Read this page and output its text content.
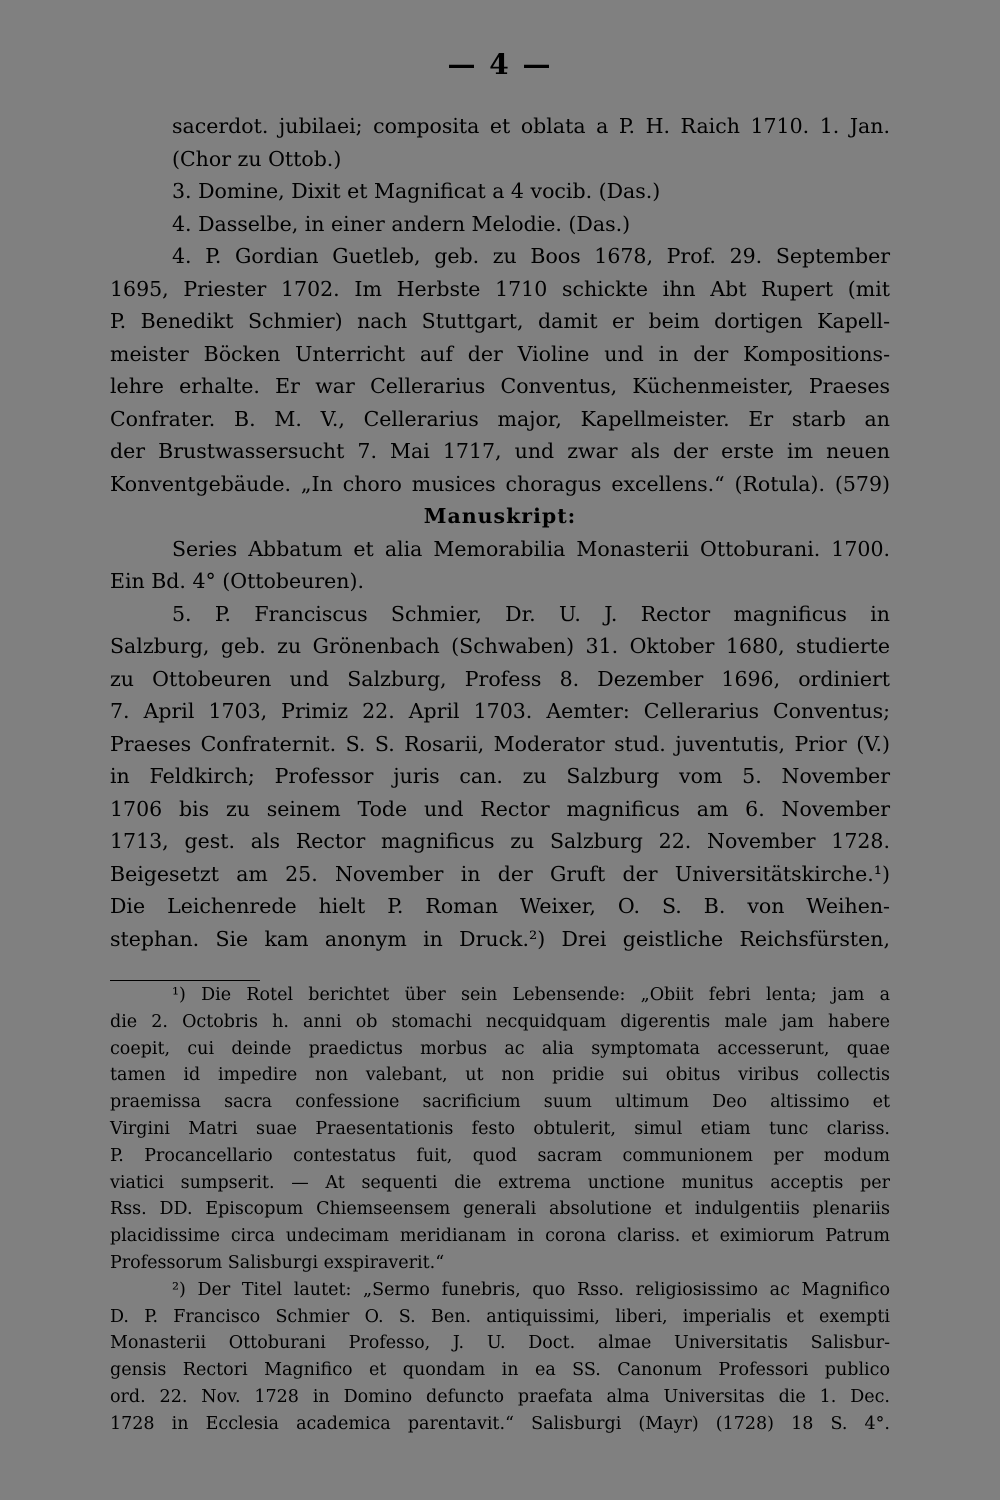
— 4 —
sacerdot. jubilaei; composita et oblata a P. H. Raich 1710. 1. Jan.
(Chor zu Ottob.)
3. Domine, Dixit et Magnificat a 4 vocib. (Das.)
4. Dasselbe, in einer andern Melodie. (Das.)
4. P. Gordian Guetleb, geb. zu Boos 1678, Prof. 29. September
1695, Priester 1702. Im Herbste 1710 schickte ihn Abt Rupert (mit
P. Benedikt Schmier) nach Stuttgart, damit er beim dortigen Kapell-
meister Böcken Unterricht auf der Violine und in der Kompositions-
lehre erhalte. Er war Cellerarius Conventus, Küchenmeister, Praeses
Confrater. B. M. V., Cellerarius major, Kapellmeister. Er starb an
der Brustwassersucht 7. Mai 1717, und zwar als der erste im neuen
Konventgebäude. „In choro musices choragus excellens.“ (Rotula). (579)
Manuskript:
Series Abbatum et alia Memorabilia Monasterii Ottoburani. 1700.
Ein Bd. 4° (Ottobeuren).
5. P. Franciscus Schmier, Dr. U. J. Rector magnificus in
Salzburg, geb. zu Grönenbach (Schwaben) 31. Oktober 1680, studierte
zu Ottobeuren und Salzburg, Profess 8. Dezember 1696, ordiniert
7. April 1703, Primiz 22. April 1703. Aemter: Cellerarius Conventus;
Praeses Confraternit. S. S. Rosarii, Moderator stud. juventutis, Prior (V.)
in Feldkirch; Professor juris can. zu Salzburg vom 5. November
1706 bis zu seinem Tode und Rector magnificus am 6. November
1713, gest. als Rector magnificus zu Salzburg 22. November 1728.
Beigesetzt am 25. November in der Gruft der Universitätskirche.¹)
Die Leichenrede hielt P. Roman Weixer, O. S. B. von Weihen-
stephan. Sie kam anonym in Druck.²) Drei geistliche Reichsfürsten,
¹) Die Rotel berichtet über sein Lebensende: „Obiit febri lenta; jam a
die 2. Octobris h. anni ob stomachi necquidquam digerentis male jam habere
coepit, cui deinde praedictus morbus ac alia symptomata accesserunt, quae
tamen id impedire non valebant, ut non pridie sui obitus viribus collectis
praemissa sacra confessione sacrificium suum ultimum Deo altissimo et
Virgini Matri suae Praesentationis festo obtulerit, simul etiam tunc clariss.
P. Procancellario contestatus fuit, quod sacram communionem per modum
viatici sumpserit. — At sequenti die extrema unctione munitus acceptis per
Rss. DD. Episcopum Chiemseensem generali absolutione et indulgentiis plenariis
placidissime circa undecimam meridianam in corona clariss. et eximiorum Patrum
Professorum Salisburgi exspiraverit.“
²) Der Titel lautet: „Sermo funebris, quo Rsso. religiosissimo ac Magnifico
D. P. Francisco Schmier O. S. Ben. antiquissimi, liberi, imperialis et exempti
Monasterii Ottoburani Professo, J. U. Doct. almae Universitatis Salisbur-
gensis Rectori Magnifico et quondam in ea SS. Canonum Professori publico
ord. 22. Nov. 1728 in Domino defuncto praefata alma Universitas die 1. Dec.
1728 in Ecclesia academica parentavit.“ Salisburgi (Mayr) (1728) 18 S. 4°.
